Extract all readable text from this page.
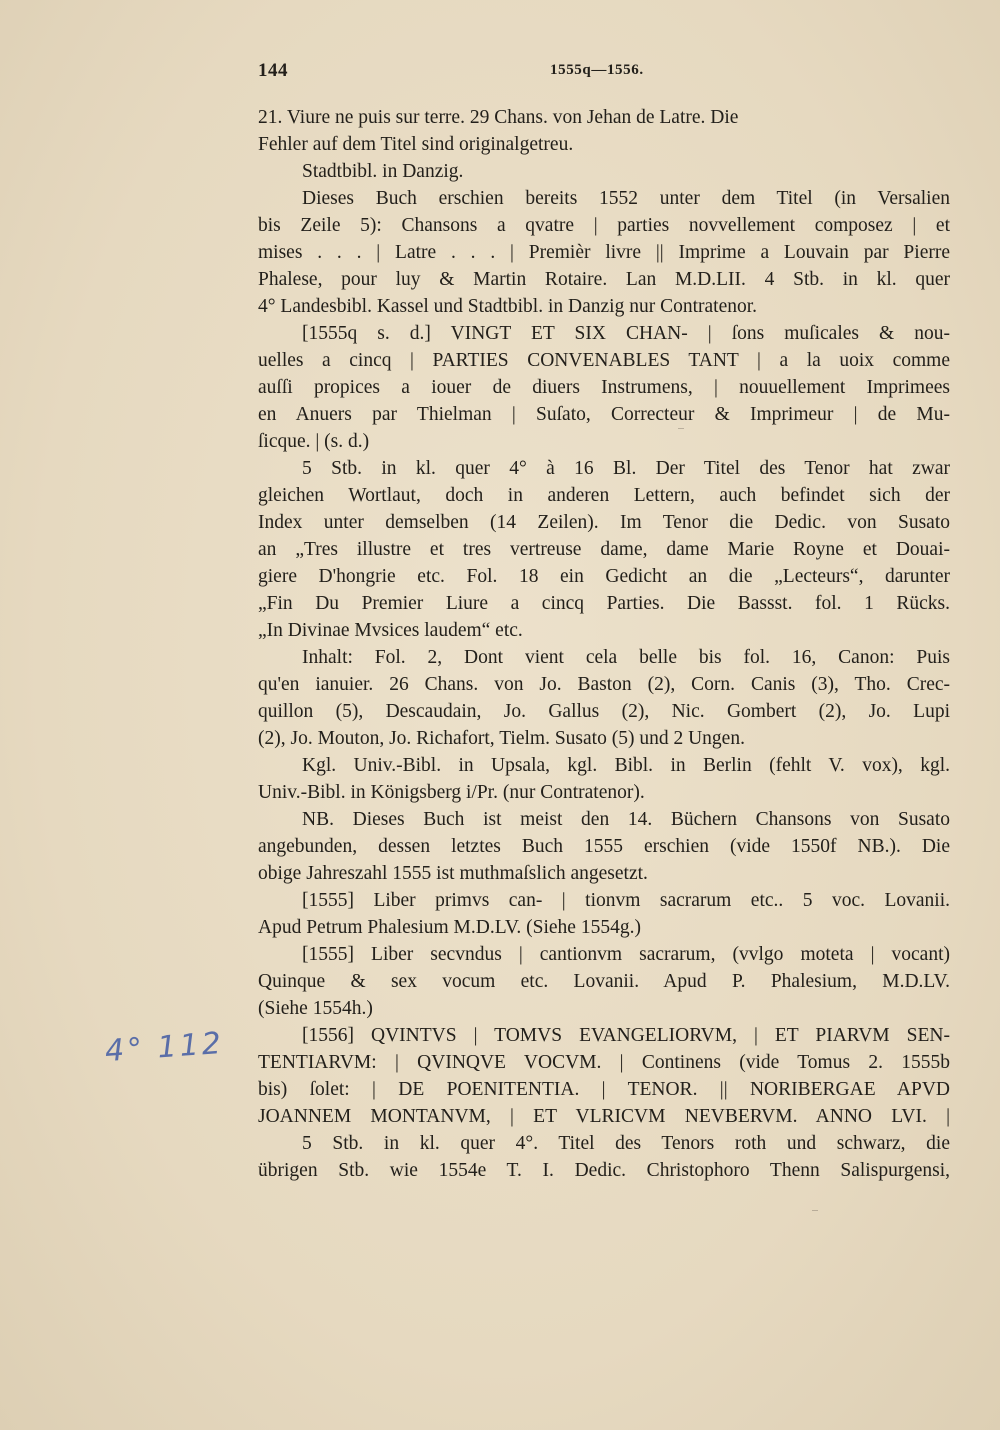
144	1555q—1556.
4° 112
21. Viure ne puis sur terre. 29 Chans. von Jehan de Latre. Die
Fehler auf dem Titel sind originalgetreu.
Stadtbibl. in Danzig.
Dieses Buch erschien bereits 1552 unter dem Titel (in Versalien
bis Zeile 5): Chansons a qvatre | parties novvellement composez | et
mises . . . | Latre . . . | Premièr livre || Imprime a Louvain par Pierre
Phalese, pour luy & Martin Rotaire. Lan M.D.LII. 4 Stb. in kl. quer
4° Landesbibl. Kassel und Stadtbibl. in Danzig nur Contratenor.
[1555q s. d.] VINGT ET SIX CHAN- | ſons muſicales & nou-
uelles a cincq | PARTIES CONVENABLES TANT | a la uoix comme
auſſi propices a iouer de diuers Instrumens, | nouuellement Imprimees
en Anuers par Thielman | Suſato, Correcteur & Imprimeur | de Mu-
ſicque. | (s. d.)
5 Stb. in kl. quer 4° à 16 Bl. Der Titel des Tenor hat zwar
gleichen Wortlaut, doch in anderen Lettern, auch befindet sich der
Index unter demselben (14 Zeilen). Im Tenor die Dedic. von Susato
an „Tres illustre et tres vertreuse dame, dame Marie Royne et Douai-
giere D'hongrie etc. Fol. 18 ein Gedicht an die „Lecteurs“, darunter
„Fin Du Premier Liure a cincq Parties. Die Bassst. fol. 1 Rücks.
„In Divinae Mvsices laudem“ etc.
Inhalt: Fol. 2, Dont vient cela belle bis fol. 16, Canon: Puis
qu'en ianuier. 26 Chans. von Jo. Baston (2), Corn. Canis (3), Tho. Crec-
quillon (5), Descaudain, Jo. Gallus (2), Nic. Gombert (2), Jo. Lupi
(2), Jo. Mouton, Jo. Richafort, Tielm. Susato (5) und 2 Ungen.
Kgl. Univ.-Bibl. in Upsala, kgl. Bibl. in Berlin (fehlt V. vox), kgl.
Univ.-Bibl. in Königsberg i/Pr. (nur Contratenor).
NB. Dieses Buch ist meist den 14. Büchern Chansons von Susato
angebunden, dessen letztes Buch 1555 erschien (vide 1550f NB.). Die
obige Jahreszahl 1555 ist muthmaſslich angesetzt.
[1555] Liber primvs can- | tionvm sacrarum etc.. 5 voc. Lovanii.
Apud Petrum Phalesium M.D.LV. (Siehe 1554g.)
[1555] Liber secvndus | cantionvm sacrarum, (vvlgo moteta | vocant)
Quinque & sex vocum etc. Lovanii. Apud P. Phalesium, M.D.LV.
(Siehe 1554h.)
[1556] QVINTVS | TOMVS EVANGELIORVM, | ET PIARVM SEN-
TENTIARVM: | QVINQVE VOCVM. | Continens (vide Tomus 2. 1555b
bis) ſolet: | DE POENITENTIA. | TENOR. || NORIBERGAE APVD
JOANNEM MONTANVM, | ET VLRICVM NEVBERVM. ANNO LVI. |
5 Stb. in kl. quer 4°. Titel des Tenors roth und schwarz, die
übrigen Stb. wie 1554e T. I. Dedic. Christophoro Thenn Salispurgensi,
